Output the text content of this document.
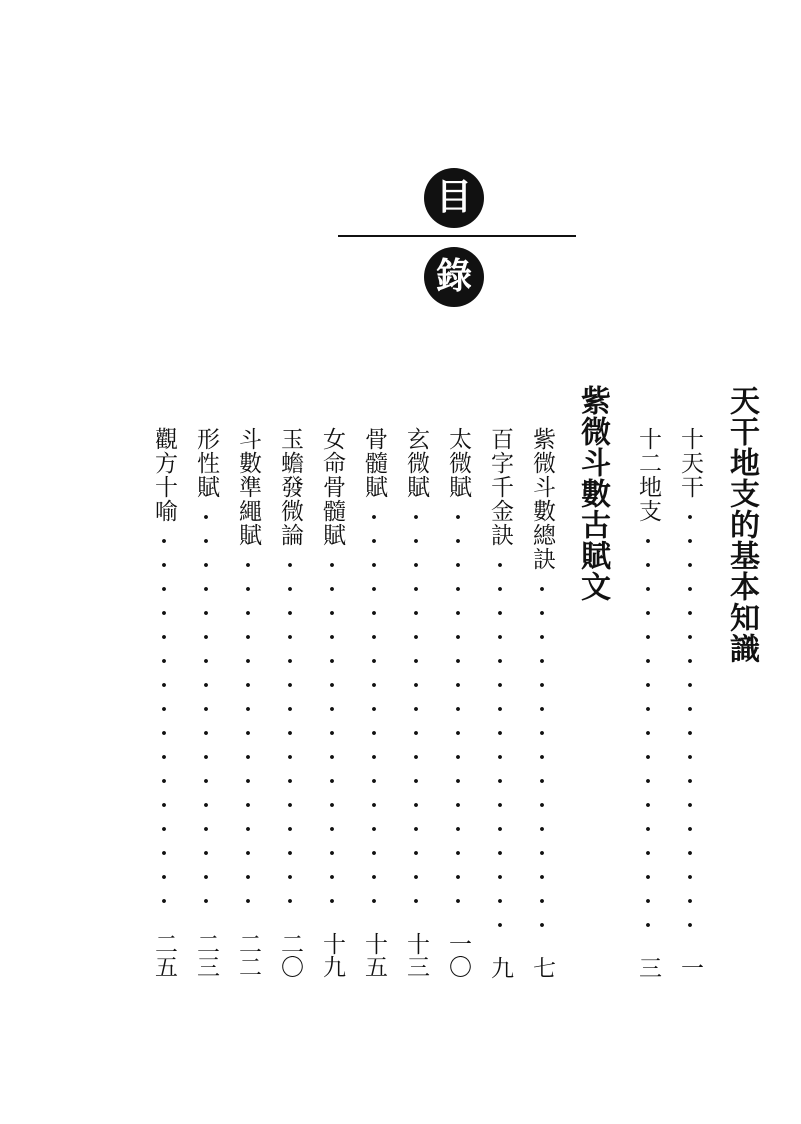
目
錄
天干地支的基本知識
十天干
一
十二地支
三
紫微斗數古賦文
紫微斗數總訣
七
百字千金訣
九
太微賦
一〇
玄微賦
十三
骨髓賦
十五
女命骨髓賦
十九
玉蟾發微論
二〇
斗數準繩賦
二二
形性賦
二三
觀方十喻
二五
